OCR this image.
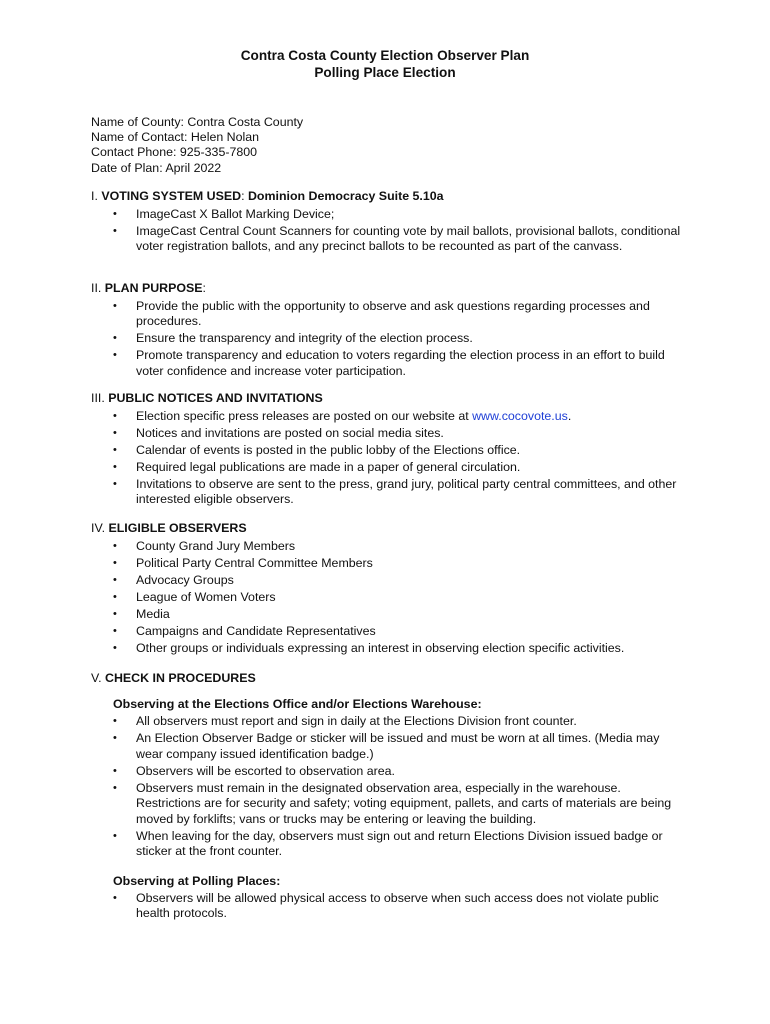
Contra Costa County Election Observer Plan
Polling Place Election
Name of County: Contra Costa County
Name of Contact: Helen Nolan
Contact Phone: 925-335-7800
Date of Plan: April 2022
I. VOTING SYSTEM USED: Dominion Democracy Suite 5.10a
• ImageCast X Ballot Marking Device;
• ImageCast Central Count Scanners for counting vote by mail ballots, provisional ballots, conditional voter registration ballots, and any precinct ballots to be recounted as part of the canvass.
II. PLAN PURPOSE:
• Provide the public with the opportunity to observe and ask questions regarding processes and procedures.
• Ensure the transparency and integrity of the election process.
• Promote transparency and education to voters regarding the election process in an effort to build voter confidence and increase voter participation.
III. PUBLIC NOTICES AND INVITATIONS
• Election specific press releases are posted on our website at www.cocovote.us.
• Notices and invitations are posted on social media sites.
• Calendar of events is posted in the public lobby of the Elections office.
• Required legal publications are made in a paper of general circulation.
• Invitations to observe are sent to the press, grand jury, political party central committees, and other interested eligible observers.
IV. ELIGIBLE OBSERVERS
• County Grand Jury Members
• Political Party Central Committee Members
• Advocacy Groups
• League of Women Voters
• Media
• Campaigns and Candidate Representatives
• Other groups or individuals expressing an interest in observing election specific activities.
V. CHECK IN PROCEDURES
Observing at the Elections Office and/or Elections Warehouse:
• All observers must report and sign in daily at the Elections Division front counter.
• An Election Observer Badge or sticker will be issued and must be worn at all times. (Media may wear company issued identification badge.)
• Observers will be escorted to observation area.
• Observers must remain in the designated observation area, especially in the warehouse. Restrictions are for security and safety; voting equipment, pallets, and carts of materials are being moved by forklifts; vans or trucks may be entering or leaving the building.
• When leaving for the day, observers must sign out and return Elections Division issued badge or sticker at the front counter.
Observing at Polling Places:
• Observers will be allowed physical access to observe when such access does not violate public health protocols.
